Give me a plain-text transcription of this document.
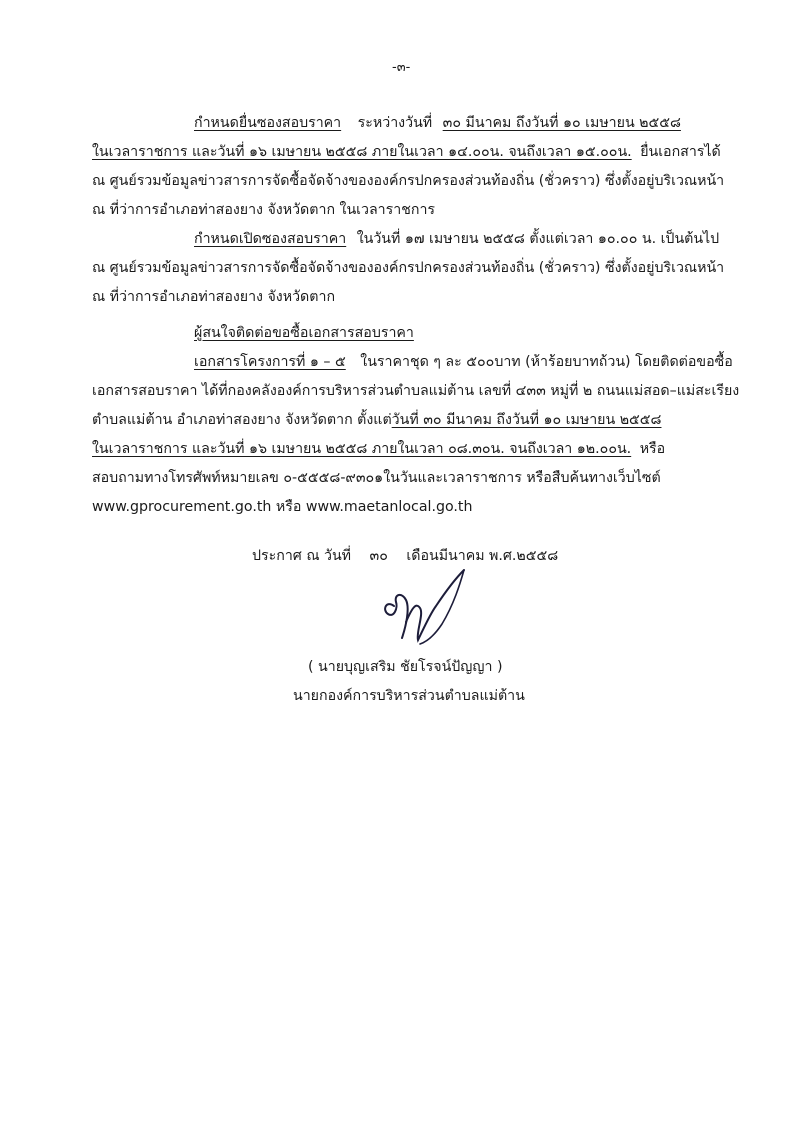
-๓-
กำหนดยื่นซองสอบราคา ระหว่างวันที่ ๓๐ มีนาคม ถึงวันที่ ๑๐ เมษายน ๒๕๕๘
ในเวลาราชการ และวันที่ ๑๖ เมษายน ๒๕๕๘ ภายในเวลา ๑๔.๐๐น. จนถึงเวลา ๑๕.๐๐น. ยื่นเอกสารได้
ณ ศูนย์รวมข้อมูลข่าวสารการจัดซื้อจัดจ้างขององค์กรปกครองส่วนท้องถิ่น (ชั่วคราว) ซึ่งตั้งอยู่บริเวณหน้า
ณ ที่ว่าการอำเภอท่าสองยาง จังหวัดตาก ในเวลาราชการ
กำหนดเปิดซองสอบราคา ในวันที่ ๑๗ เมษายน ๒๕๕๘ ตั้งแต่เวลา ๑๐.๐๐ น. เป็นต้นไป
ณ ศูนย์รวมข้อมูลข่าวสารการจัดซื้อจัดจ้างขององค์กรปกครองส่วนท้องถิ่น (ชั่วคราว) ซึ่งตั้งอยู่บริเวณหน้า
ณ ที่ว่าการอำเภอท่าสองยาง จังหวัดตาก
ผู้สนใจติดต่อขอซื้อเอกสารสอบราคา
เอกสารโครงการที่ ๑ – ๕ ในราคาชุด ๆ ละ ๕๐๐บาท (ห้าร้อยบาทถ้วน) โดยติดต่อขอซื้อ
เอกสารสอบราคา ได้ที่กองคลังองค์การบริหารส่วนตำบลแม่ต้าน เลขที่ ๔๓๓ หมู่ที่ ๒ ถนนแม่สอด–แม่สะเรียง
ตำบลแม่ต้าน อำเภอท่าสองยาง จังหวัดตาก ตั้งแต่วันที่ ๓๐ มีนาคม ถึงวันที่ ๑๐ เมษายน ๒๕๕๘
ในเวลาราชการ และวันที่ ๑๖ เมษายน ๒๕๕๘ ภายในเวลา ๐๘.๓๐น. จนถึงเวลา ๑๒.๐๐น. หรือ
สอบถามทางโทรศัพท์หมายเลข ๐-๕๕๕๘-๙๓๐๑ในวันและเวลาราชการ หรือสืบค้นทางเว็บไซต์
www.gprocurement.go.th หรือ www.maetanlocal.go.th
ประกาศ ณ วันที่ ๓๐ เดือนมีนาคม พ.ศ.๒๕๕๘
( นายบุญเสริม ชัยโรจน์ปัญญา )
นายกองค์การบริหารส่วนตำบลแม่ต้าน
